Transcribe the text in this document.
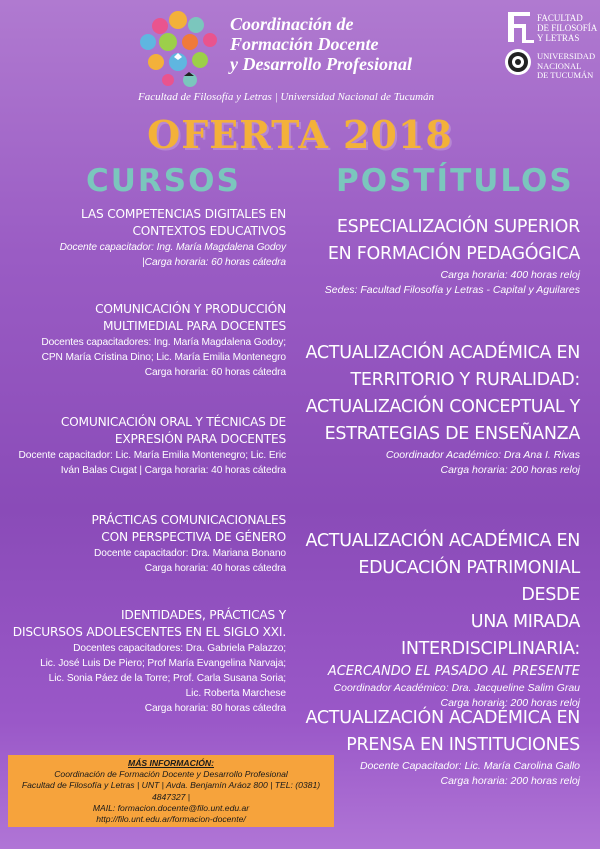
Coordinación de
Formación Docente
y Desarrollo Profesional
Facultad de Filosofía y Letras | Universidad Nacional de Tucumán
FACULTAD
DE FILOSOFÍA
Y LETRAS
UNIVERSIDAD
NACIONAL
DE TUCUMÁN
OFERTA 2018
CURSOS	POSTÍTULOS
LAS COMPETENCIAS DIGITALES EN
CONTEXTOS EDUCATIVOS
Docente capacitador: Ing. María Magdalena Godoy
|Carga horaria: 60 horas cátedra
COMUNICACIÓN Y PRODUCCIÓN
MULTIMEDIAL PARA DOCENTES
Docentes capacitadores: Ing. María Magdalena Godoy;
CPN María Cristina Dino; Lic. María Emilia Montenegro
Carga horaria: 60 horas cátedra
COMUNICACIÓN ORAL Y TÉCNICAS DE
EXPRESIÓN PARA DOCENTES
Docente capacitador: Lic. María Emilia Montenegro; Lic. Eric
Iván Balas Cugat | Carga horaria: 40 horas cátedra
PRÁCTICAS COMUNICACIONALES
CON PERSPECTIVA DE GÉNERO
Docente capacitador: Dra. Mariana Bonano
Carga horaria: 40 horas cátedra
IDENTIDADES, PRÁCTICAS Y
DISCURSOS ADOLESCENTES EN EL SIGLO XXI.
Docentes capacitadores: Dra. Gabriela Palazzo;
Lic. José Luis De Piero; Prof María Evangelina Narvaja;
Lic. Sonia Páez de la Torre; Prof. Carla Susana Soria;
Lic. Roberta Marchese
Carga horaria: 80 horas cátedra
ESPECIALIZACIÓN SUPERIOR
EN FORMACIÓN PEDAGÓGICA
Carga horaria: 400 horas reloj
Sedes: Facultad Filosofía y Letras - Capital y Aguilares
ACTUALIZACIÓN ACADÉMICA EN
TERRITORIO Y RURALIDAD:
ACTUALIZACIÓN CONCEPTUAL Y
ESTRATEGIAS DE ENSEÑANZA
Coordinador Académico: Dra Ana I. Rivas
Carga horaria: 200 horas reloj
ACTUALIZACIÓN ACADÉMICA EN
EDUCACIÓN PATRIMONIAL DESDE
UNA MIRADA INTERDISCIPLINARIA:
ACERCANDO EL PASADO AL PRESENTE
Coordinador Académico: Dra. Jacqueline Salim Grau
Carga horaria: 200 horas reloj
ACTUALIZACIÓN ACADÉMICA EN
PRENSA EN INSTITUCIONES
Docente Capacitador: Lic. María Carolina Gallo
Carga horaria: 200 horas reloj
MÁS INFORMACIÓN:
Coordinación de Formación Docente y Desarrollo Profesional
Facultad de Filosofía y Letras | UNT | Avda. Benjamín Aráoz 800 | TEL: (0381) 4847327 |
MAIL: formacion.docente@filo.unt.edu.ar
http://filo.unt.edu.ar/formacion-docente/
